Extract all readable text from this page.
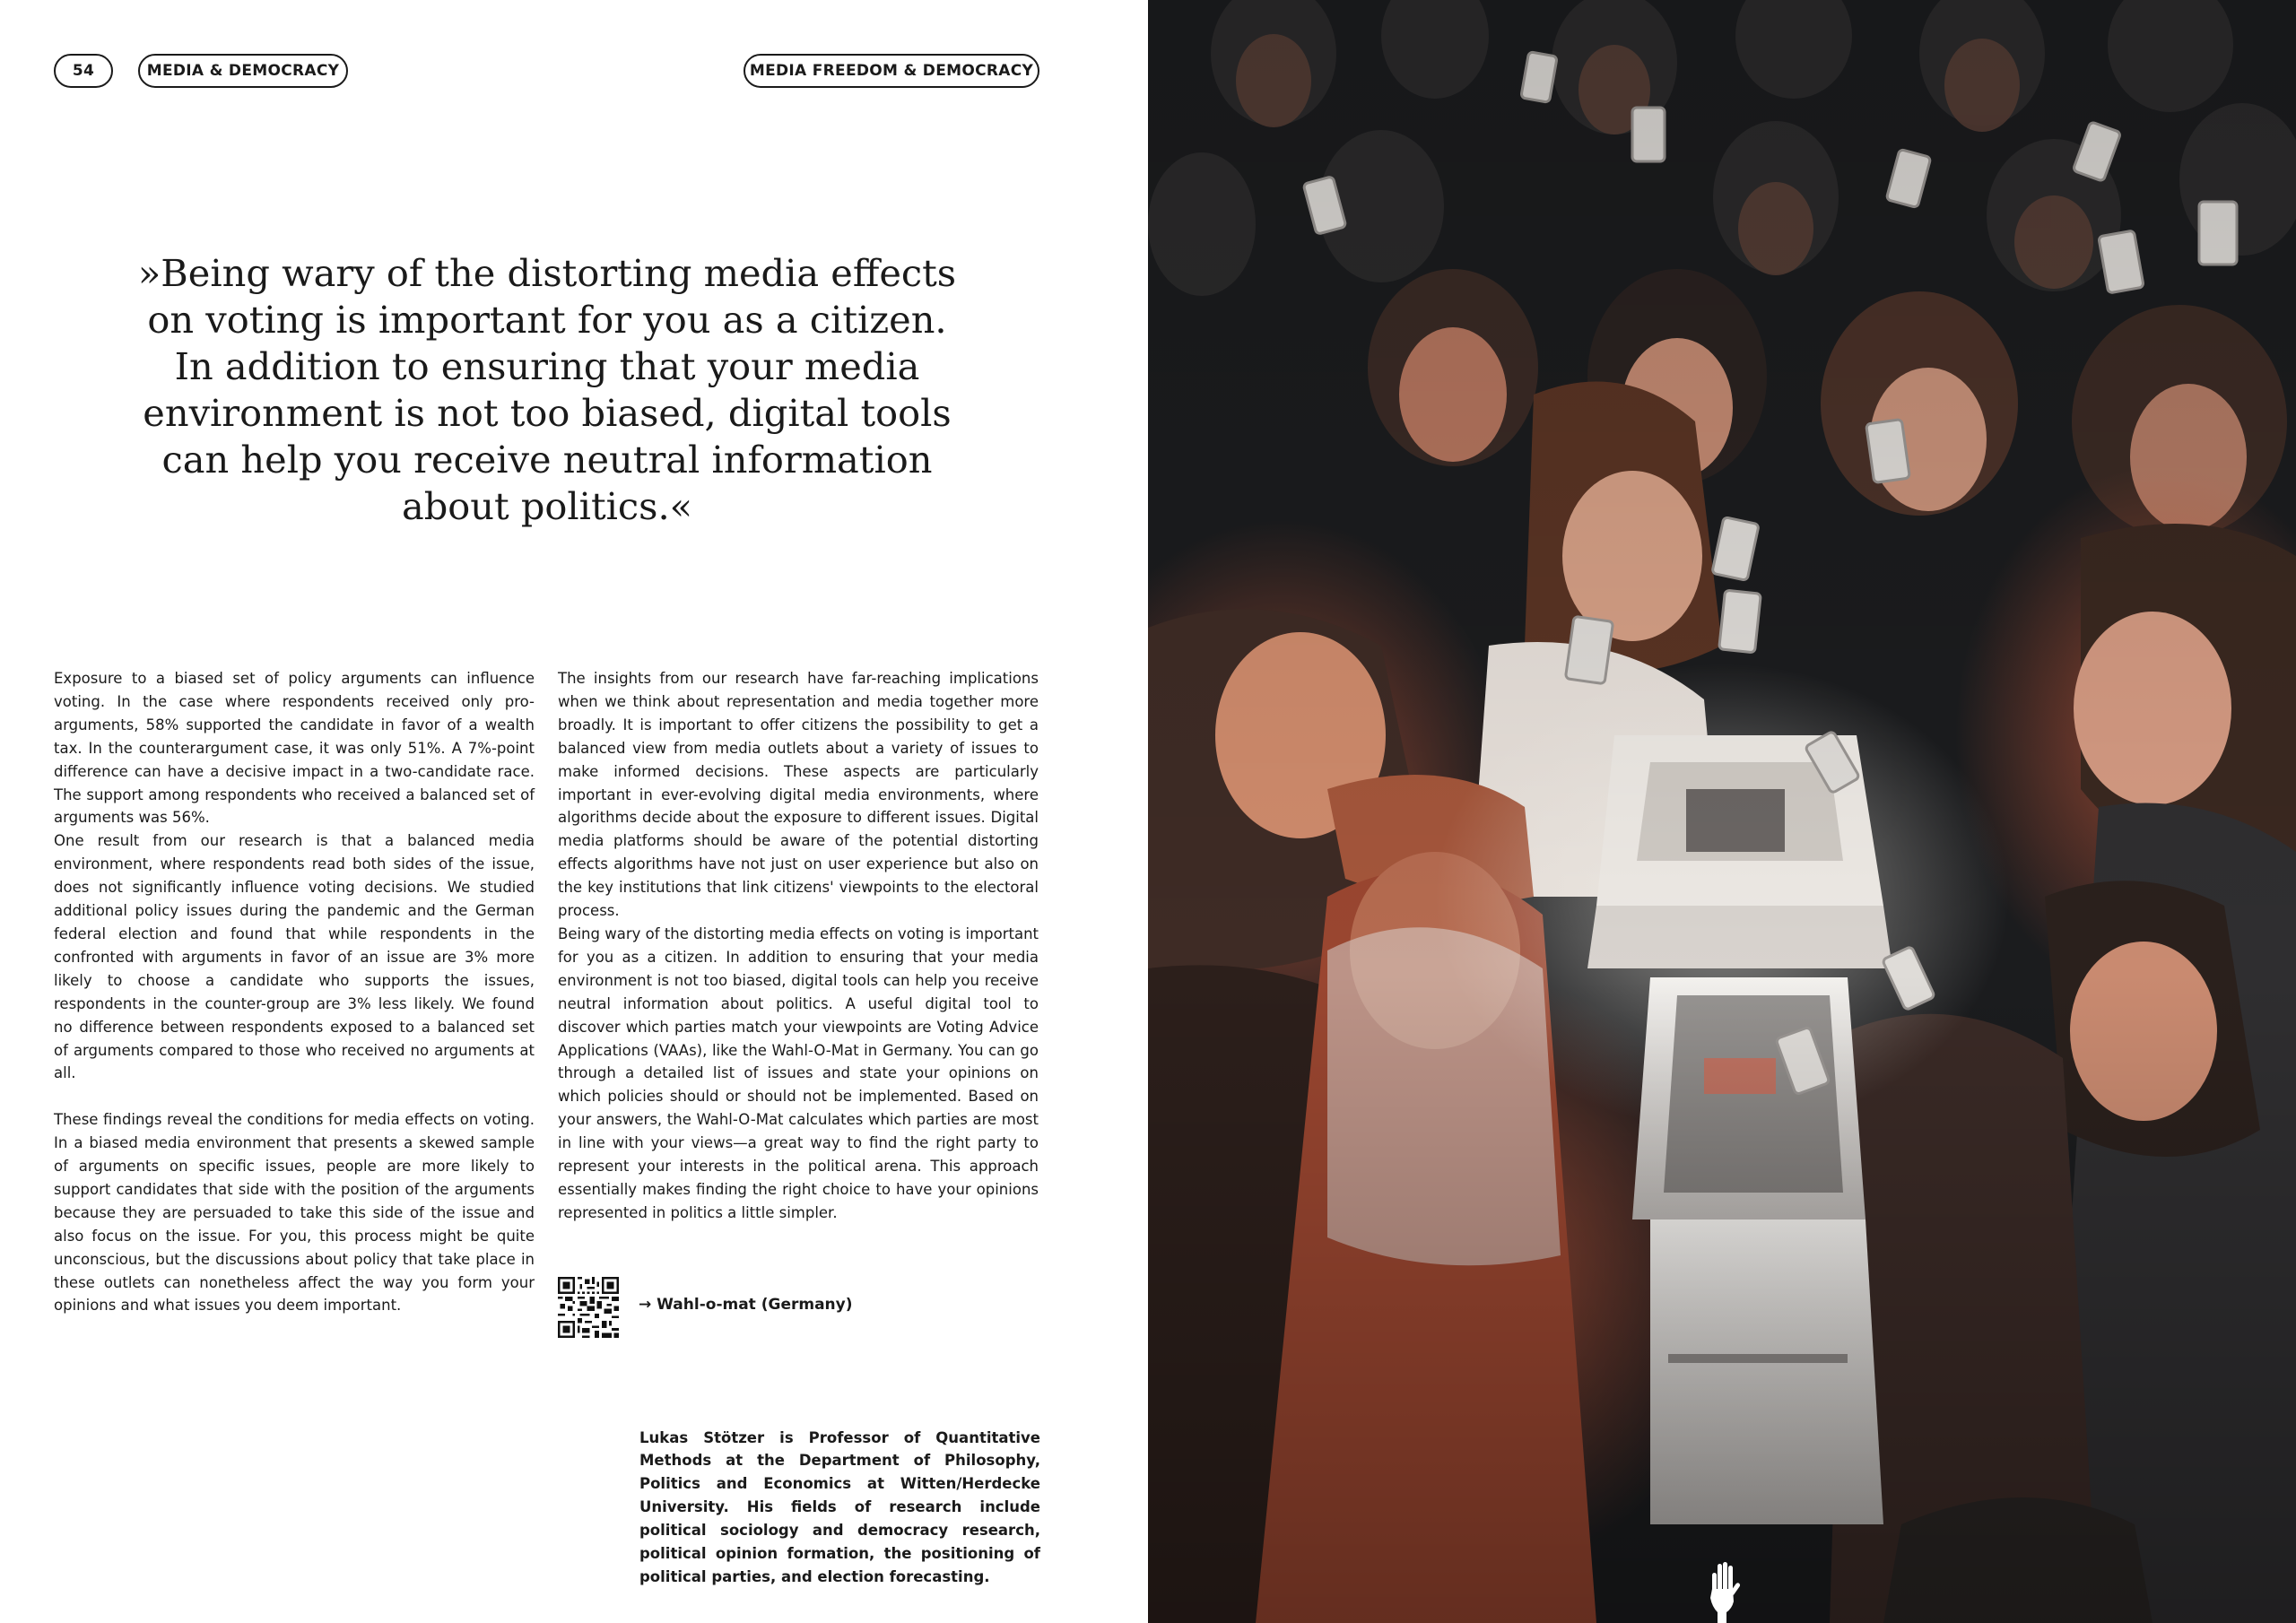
54	MEDIA & DEMOCRACY	MEDIA FREEDOM & DEMOCRACY
»Being wary of the distorting media effects
on voting is important for you as a citizen.
In addition to ensuring that your media
environment is not too biased, digital tools
can help you receive neutral information
about politics.«

Exposure to a biased set of policy arguments can influence voting. In the case where respondents received only pro-arguments, 58% supported the candidate in favor of a wealth tax. In the counterargument case, it was only 51%. A 7%-point difference can have a decisive impact in a two-candidate race. The support among respondents who received a balanced set of arguments was 56%.

One result from our research is that a balanced media environment, where respondents read both sides of the issue, does not significantly influence voting decisions. We studied additional policy issues during the pandemic and the German federal election and found that while respondents in the confronted with arguments in favor of an issue are 3% more likely to choose a candidate who supports the issues, respondents in the counter-group are 3% less likely. We found no difference between respondents exposed to a balanced set of arguments compared to those who received no arguments at all.

These findings reveal the conditions for media effects on voting. In a biased media environment that presents a skewed sample of arguments on specific issues, people are more likely to support candidates that side with the position of the arguments because they are persuaded to take this side of the issue and also focus on the issue. For you, this process might be quite unconscious, but the discussions about policy that take place in these outlets can nonetheless affect the way you form your opinions and what issues you deem important.

The insights from our research have far-reaching implications when we think about representation and media together more broadly. It is important to offer citizens the possibility to get a balanced view from media outlets about a variety of issues to make informed decisions. These aspects are particularly important in ever-evolving digital media environments, where algorithms decide about the exposure to different issues. Digital media platforms should be aware of the potential distorting effects algorithms have not just on user experience but also on the key institutions that link citizens' viewpoints to the electoral process.

Being wary of the distorting media effects on voting is important for you as a citizen. In addition to ensuring that your media environment is not too biased, digital tools can help you receive neutral information about politics. A useful digital tool to discover which parties match your viewpoints are Voting Advice Applications (VAAs), like the Wahl-O-Mat in Germany. You can go through a detailed list of issues and state your opinions on which policies should or should not be implemented. Based on your answers, the Wahl-O-Mat calculates which parties are most in line with your views—a great way to find the right party to represent your interests in the political arena. This approach essentially makes finding the right choice to have your opinions represented in politics a little simpler.

→ Wahl-o-mat (Germany)

Lukas Stötzer is Professor of Quantitative Methods at the Department of Philosophy, Politics and Economics at Witten/Herdecke University. His fields of research include political sociology and democracy research, political opinion formation, the positioning of political parties, and election forecasting.
